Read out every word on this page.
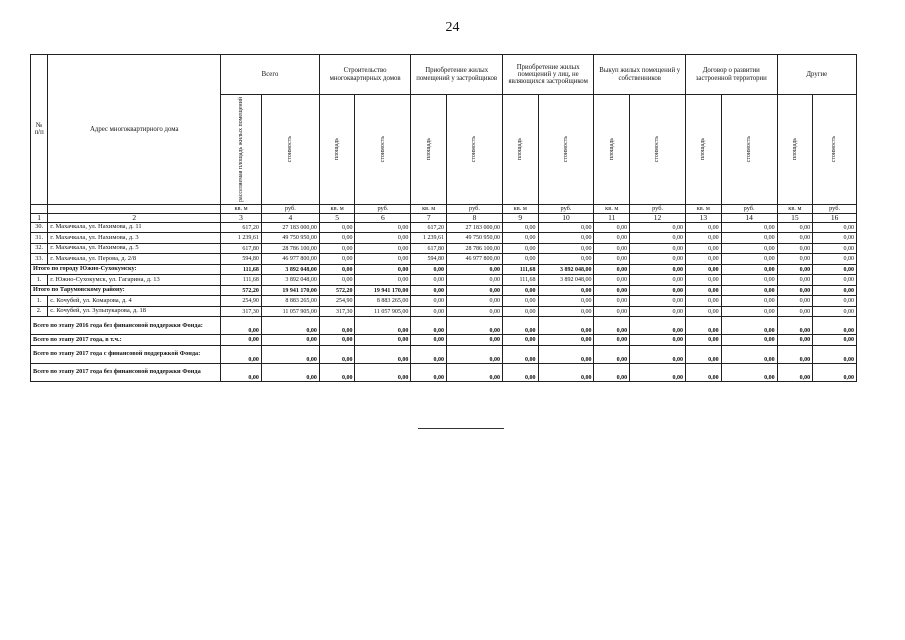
24
№ п/п	Адрес многоквартирного дома	Всего		Строительство многоквартирных домов		Приобретение жилых помещений у застройщиков		Приобретение жилых помещений у лиц, не являющихся застройщиком		Выкуп жилых помещений у собственников		Договор о развитии застроенной территории		Другие	

		расселяемая площадь жилых помещений	стоимость	площадь	стоимость	площадь	стоимость	площадь	стоимость	площадь	стоимость	площадь	стоимость	площадь	стоимость

		кв. м	руб.	кв. м	руб.	кв. м	руб.	кв. м	руб.	кв. м	руб.	кв. м	руб.	кв. м	руб.
1	2	3	4	5	6	7	8	9	10	11	12	13	14	15	16
30.	г. Махачкала, ул. Нахимова, д. 11	617,20	27 183 000,00	0,00	0,00	617,20	27 183 000,00	0,00	0,00	0,00	0,00	0,00	0,00	0,00	0,00
31.	г. Махачкала, ул. Нахимова, д. 3	1 239,61	49 750 950,00	0,00	0,00	1 239,61	49 750 950,00	0,00	0,00	0,00	0,00	0,00	0,00	0,00	0,00
32.	г. Махачкала, ул. Нахимова, д. 5	617,80	28 786 100,00	0,00	0,00	617,80	28 786 100,00	0,00	0,00	0,00	0,00	0,00	0,00	0,00	0,00
33.	г. Махачкала, ул. Перова, д. 2/8	594,80	46 977 800,00	0,00	0,00	594,80	46 977 800,00	0,00	0,00	0,00	0,00	0,00	0,00	0,00	0,00
Итого по городу Южно-Сухокумску:		111,68	3 892 048,00	0,00	0,00	0,00	0,00	111,68	3 892 048,00	0,00	0,00	0,00	0,00	0,00	0,00
1.	г. Южно-Сухокумск, ул. Гагарина, д. 13	111,68	3 892 048,00	0,00	0,00	0,00	0,00	111,68	3 892 048,00	0,00	0,00	0,00	0,00	0,00	0,00
Итого по Тарумовскому району:		572,20	19 941 170,00	572,20	19 941 170,00	0,00	0,00	0,00	0,00	0,00	0,00	0,00	0,00	0,00	0,00
1.	с. Кочубей, ул. Комарова, д. 4	254,90	8 883 265,00	254,90	8 883 265,00	0,00	0,00	0,00	0,00	0,00	0,00	0,00	0,00	0,00	0,00
2.	с. Кочубей, ул. Зульпукарова, д. 18	317,30	11 057 905,00	317,30	11 057 905,00	0,00	0,00	0,00	0,00	0,00	0,00	0,00	0,00	0,00	0,00
Всего по этапу 2016 года без финансовой поддержки Фонда:		0,00	0,00	0,00	0,00	0,00	0,00	0,00	0,00	0,00	0,00	0,00	0,00	0,00	0,00
Всего по этапу 2017 года, в т.ч.:		0,00	0,00	0,00	0,00	0,00	0,00	0,00	0,00	0,00	0,00	0,00	0,00	0,00	0,00
Всего по этапу 2017 года с финансовой поддержкой Фонда:		0,00	0,00	0,00	0,00	0,00	0,00	0,00	0,00	0,00	0,00	0,00	0,00	0,00	0,00
Всего по этапу 2017 года без финансовой поддержки Фонда		0,00	0,00	0,00	0,00	0,00	0,00	0,00	0,00	0,00	0,00	0,00	0,00	0,00	0,00
